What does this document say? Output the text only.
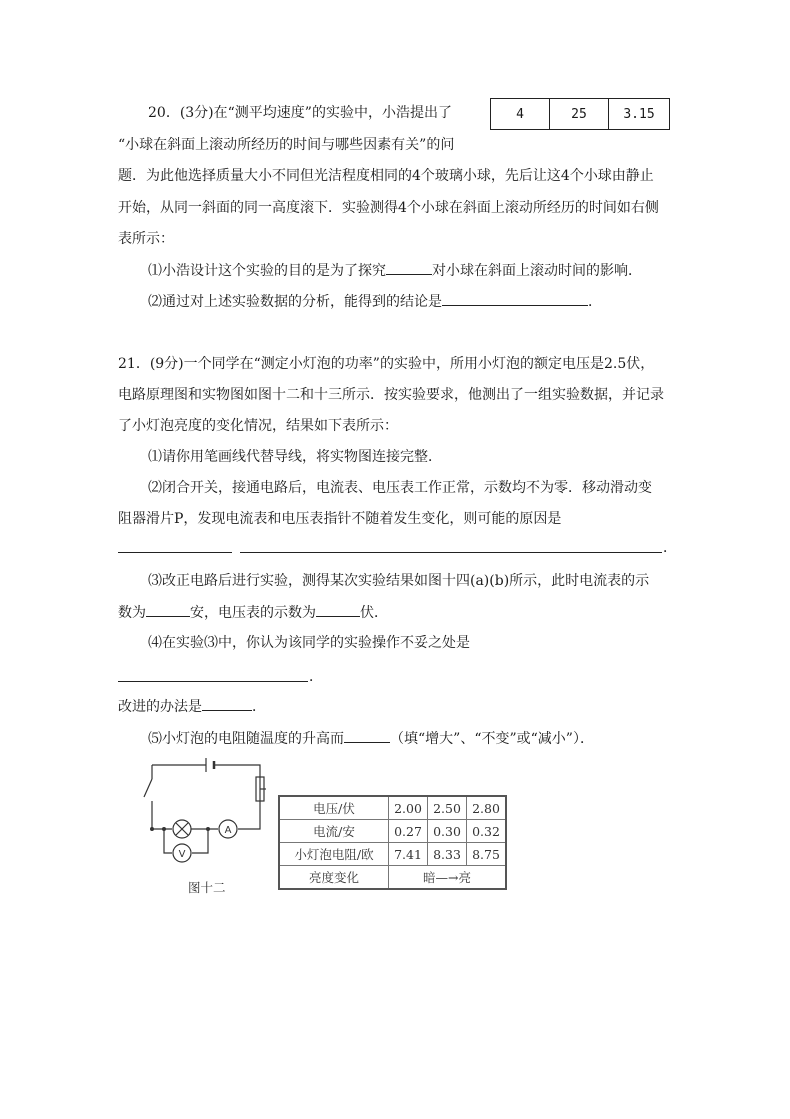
20．(3分)在“测平均速度”的实验中，小浩提出了	4	25	3.15
“小球在斜面上滚动所经历的时间与哪些因素有关”的问
题．为此他选择质量大小不同但光洁程度相同的4个玻璃小球，先后让这4个小球由静止
开始，从同一斜面的同一高度滚下．实验测得4个小球在斜面上滚动所经历的时间如右侧
表所示：
⑴小浩设计这个实验的目的是为了探究	对小球在斜面上滚动时间的影响．
⑵通过对上述实验数据的分析，能得到的结论是	．
21．(9分)一个同学在“测定小灯泡的功率”的实验中，所用小灯泡的额定电压是2.5伏，
电路原理图和实物图如图十二和十三所示．按实验要求，他测出了一组实验数据，并记录
了小灯泡亮度的变化情况，结果如下表所示：
⑴请你用笔画线代替导线，将实物图连接完整．
⑵闭合开关，接通电路后，电流表、电压表工作正常，示数均不为零．移动滑动变
阻器滑片P，发现电流表和电压表指针不随着发生变化，则可能的原因是
．
⑶改正电路后进行实验，测得某次实验结果如图十四(a)(b)所示，此时电流表的示
数为	安，电压表的示数为	伏．
⑷在实验⑶中，你认为该同学的实验操作不妥之处是
．
改进的办法是	．
⑸小灯泡的电阻随温度的升高而	（填“增大”、“不变”或“减小”）．
A
V
图十二
电压/伏	2.00	2.50	2.80
电流/安	0.27	0.30	0.32
小灯泡电阻/欧	7.41	8.33	8.75
亮度变化	暗—→亮		
